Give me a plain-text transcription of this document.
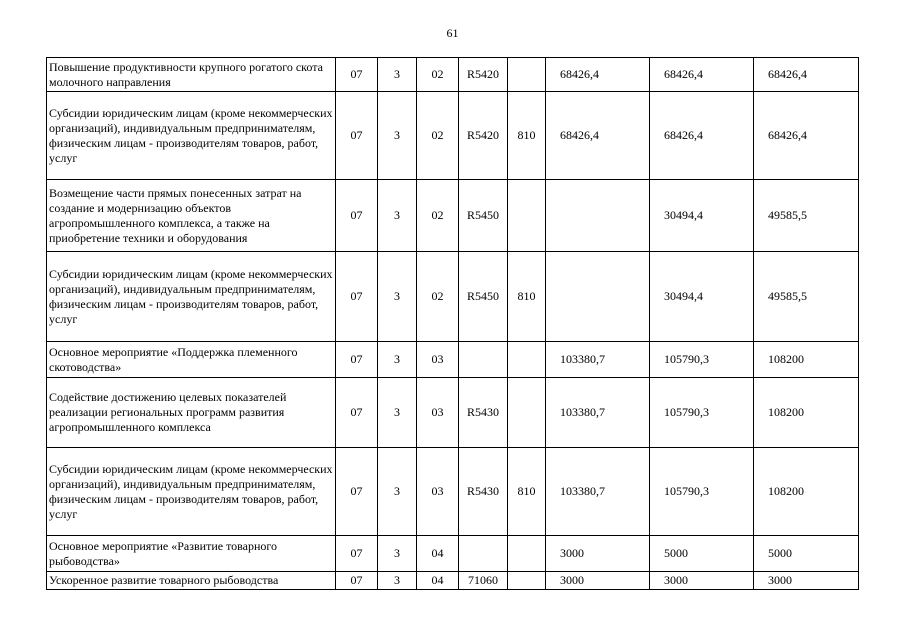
61
Повышение продуктивности крупного рогатого скота молочного направления	07	3	02	R5420		68426,4	68426,4	68426,4
Субсидии юридическим лицам (кроме некоммерческих организаций), индивидуальным предпринимателям, физическим лицам - производителям товаров, работ, услуг	07	3	02	R5420	810	68426,4	68426,4	68426,4
Возмещение части прямых понесенных затрат на создание и модернизацию объектов агропромышленного комплекса, а также на приобретение техники и оборудования	07	3	02	R5450			30494,4	49585,5
Субсидии юридическим лицам (кроме некоммерческих организаций), индивидуальным предпринимателям, физическим лицам - производителям товаров, работ, услуг	07	3	02	R5450	810		30494,4	49585,5
Основное мероприятие «Поддержка племенного скотоводства»	07	3	03			103380,7	105790,3	108200
Содействие достижению целевых показателей реализации региональных программ развития агропромышленного комплекса	07	3	03	R5430		103380,7	105790,3	108200
Субсидии юридическим лицам (кроме некоммерческих организаций), индивидуальным предпринимателям, физическим лицам - производителям товаров, работ, услуг	07	3	03	R5430	810	103380,7	105790,3	108200
Основное мероприятие «Развитие товарного рыбоводства»	07	3	04			3000	5000	5000
Ускоренное развитие товарного рыбоводства	07	3	04	71060		3000	3000	3000
